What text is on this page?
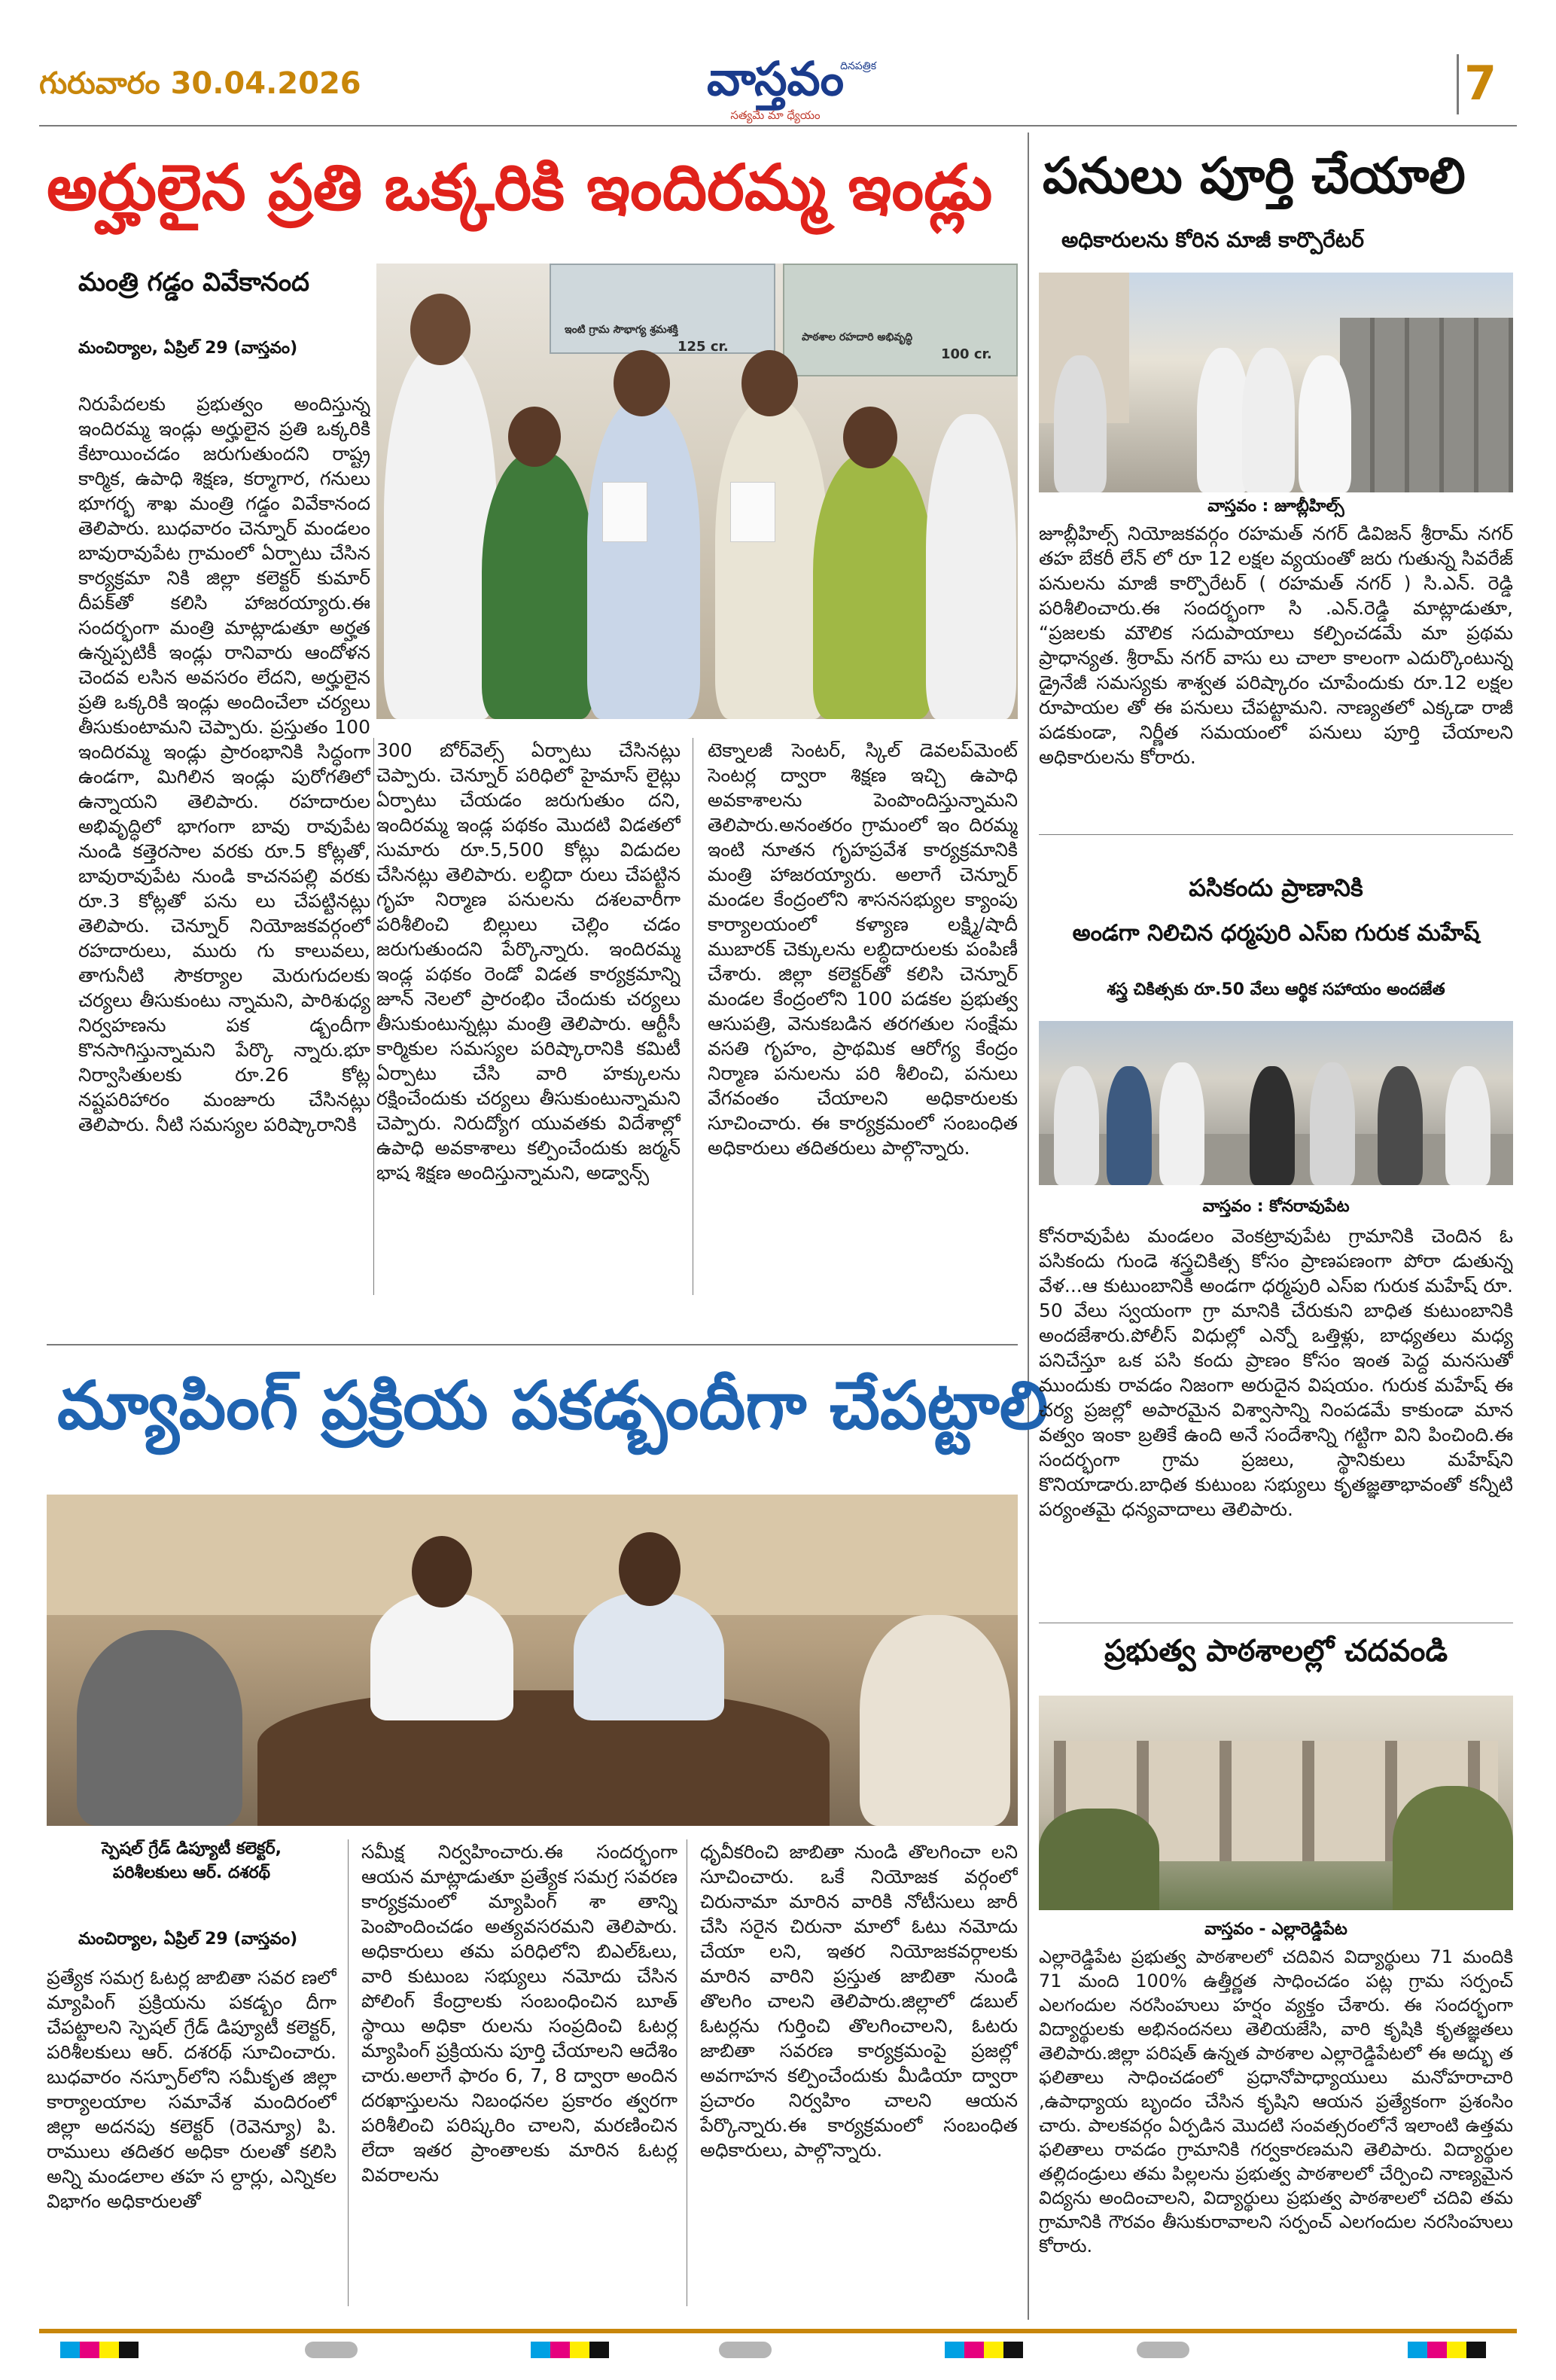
గురువారం 30.04.2026	వాస్తవం
సత్యమే మా ధ్యేయం
దినపత్రిక	7
అర్హులైన ప్రతి ఒక్కరికి ఇందిరమ్మ ఇండ్లు
మంత్రి గడ్డం వివేకానంద
మంచిర్యాల, ఏప్రిల్ 29 (వాస్తవం)
ఇంటి గ్రామ సౌభాగ్య శ్రమశక్తి
125 cr.
పాఠశాల రహదారి అభివృద్ధి
100 cr.
నిరుపేదలకు ప్రభుత్వం అందిస్తున్న ఇందిరమ్మ ఇండ్లు అర్హులైన ప్రతి ఒక్కరికి కేటాయించడం జరుగుతుందని రాష్ట్ర కార్మిక, ఉపాధి శిక్షణ, కర్మాగార, గనులు భూగర్భ శాఖ మంత్రి గడ్డం వివేకానంద తెలిపారు. బుధవారం చెన్నూర్ మండలం బావురావుపేట గ్రామంలో ఏర్పాటు చేసిన కార్యక్రమా నికి జిల్లా కలెక్టర్ కుమార్ దీపక్‌తో కలిసి హాజరయ్యారు.ఈ సందర్భంగా మంత్రి మాట్లాడుతూ అర్హత ఉన్నప్పటికీ ఇండ్లు రానివారు ఆందోళన చెందవ లసిన అవసరం లేదని, అర్హులైన ప్రతి ఒక్కరికి ఇండ్లు అందించేలా చర్యలు తీసుకుంటామని చెప్పారు. ప్రస్తుతం 100 ఇందిరమ్మ ఇండ్లు ప్రారంభానికి సిద్ధంగా ఉండగా, మిగిలిన ఇండ్లు పురోగతిలో ఉన్నాయని తెలిపారు. రహదారుల అభివృద్ధిలో భాగంగా బావు రావుపేట నుండి కత్తెరసాల వరకు రూ.5 కోట్లతో, బావురావుపేట నుండి కాచనపల్లి వరకు రూ.3 కోట్లతో పను లు చేపట్టినట్లు తెలిపారు. చెన్నూర్ నియోజకవర్గంలో రహదారులు, మురు గు కాలువలు, తాగునీటి సౌకర్యాల మెరుగుదలకు చర్యలు తీసుకుంటు న్నామని, పారిశుధ్య నిర్వహణను పక డ్బందీగా కొనసాగిస్తున్నామని పేర్కొ న్నారు.భూ నిర్వాసితులకు రూ.26 కోట్ల నష్టపరిహారం మంజూరు చేసినట్లు తెలిపారు. నీటి సమస్యల పరిష్కారానికి
300 బోర్‌వెల్స్ ఏర్పాటు చేసినట్లు చెప్పారు. చెన్నూర్ పరిధిలో హైమాస్ లైట్లు ఏర్పాటు చేయడం జరుగుతుం దని, ఇందిరమ్మ ఇండ్ల పథకం మొదటి విడతలో సుమారు రూ.5,500 కోట్లు విడుదల చేసినట్లు తెలిపారు. లబ్ధిదా రులు చేపట్టిన గృహ నిర్మాణ పనులను దశలవారీగా పరిశీలించి బిల్లులు చెల్లిం చడం జరుగుతుందని పేర్కొన్నారు. ఇందిరమ్మ ఇండ్ల పథకం రెండో విడత కార్యక్రమాన్ని జూన్ నెలలో ప్రారంభిం చేందుకు చర్యలు తీసుకుంటున్నట్లు మంత్రి తెలిపారు. ఆర్టీసీ కార్మికుల సమస్యల పరిష్కారానికి కమిటీ ఏర్పాటు చేసి వారి హక్కులను రక్షించేందుకు చర్యలు తీసుకుంటున్నామని చెప్పారు. నిరుద్యోగ యువతకు విదేశాల్లో ఉపాధి అవకాశాలు కల్పించేందుకు జర్మన్ భాష శిక్షణ అందిస్తున్నామని, అడ్వాన్స్
టెక్నాలజీ సెంటర్, స్కిల్ డెవలప్‌మెంట్ సెంటర్ల ద్వారా శిక్షణ ఇచ్చి ఉపాధి అవకాశాలను పెంపొందిస్తున్నామని తెలిపారు.అనంతరం గ్రామంలో ఇం దిరమ్మ ఇంటి నూతన గృహప్రవేశ కార్యక్రమానికి మంత్రి హాజరయ్యారు. అలాగే చెన్నూర్ మండల కేంద్రంలోని శాసనసభ్యుల క్యాంపు కార్యాలయంలో కళ్యాణ లక్ష్మి/షాదీ ముబారక్ చెక్కులను లబ్ధిదారులకు పంపిణీ చేశారు. జిల్లా కలెక్టర్‌తో కలిసి చెన్నూర్ మండల కేంద్రంలోని 100 పడకల ప్రభుత్వ ఆసుపత్రి, వెనుకబడిన తరగతుల సంక్షేమ వసతి గృహం, ప్రాథమిక ఆరోగ్య కేంద్రం నిర్మాణ పనులను పరి శీలించి, పనులు వేగవంతం చేయాలని అధికారులకు సూచించారు. ఈ కార్యక్రమంలో సంబంధిత అధికారులు తదితరులు పాల్గొన్నారు.
మ్యాపింగ్ ప్రక్రియ పకడ్బందీగా చేపట్టాలి
స్పెషల్ గ్రేడ్ డిప్యూటీ కలెక్టర్,
పరిశీలకులు ఆర్. దశరథ్
మంచిర్యాల, ఏప్రిల్ 29 (వాస్తవం)
ప్రత్యేక సమగ్ర ఓటర్ల జాబితా సవర ణలో మ్యాపింగ్ ప్రక్రియను పకడ్బం దీగా చేపట్టాలని స్పెషల్ గ్రేడ్ డిప్యూటీ కలెక్టర్, పరిశీలకులు ఆర్. దశరథ్ సూచించారు. బుధవారం నస్పూర్‌లోని సమీకృత జిల్లా కార్యాలయాల సమావేశ మందిరంలో జిల్లా అదనపు కలెక్టర్ (రెవెన్యూ) పి. రాములు తదితర అధికా రులతో కలిసి అన్ని మండలాల తహ స ల్దార్లు, ఎన్నికల విభాగం అధికారులతో
సమీక్ష నిర్వహించారు.ఈ సందర్భంగా ఆయన మాట్లాడుతూ ప్రత్యేక సమగ్ర సవరణ కార్యక్రమంలో మ్యాపింగ్ శా తాన్ని పెంపొందించడం అత్యవసరమని తెలిపారు. అధికారులు తమ పరిధిలోని బిఎల్ఓలు, వారి కుటుంబ సభ్యులు నమోదు చేసిన పోలింగ్ కేంద్రాలకు సంబంధించిన బూత్ స్థాయి అధికా రులను సంప్రదించి ఓటర్ల మ్యాపింగ్ ప్రక్రియను పూర్తి చేయాలని ఆదేశిం చారు.అలాగే ఫారం 6, 7, 8 ద్వారా అందిన దరఖాస్తులను నిబంధనల ప్రకారం త్వరగా పరిశీలించి పరిష్కరిం చాలని, మరణించిన లేదా ఇతర ప్రాంతాలకు మారిన ఓటర్ల వివరాలను
ధృవీకరించి జాబితా నుండి తొలగించా లని సూచించారు. ఒకే నియోజక వర్గంలో చిరునామా మారిన వారికి నోటీసులు జారీ చేసి సరైన చిరునా మాలో ఓటు నమోదు చేయా లని, ఇతర నియోజకవర్గాలకు మారిన వారిని ప్రస్తుత జాబితా నుండి తొలగిం చాలని తెలిపారు.జిల్లాలో డబుల్ ఓటర్లను గుర్తించి తొలగించాలని, ఓటరు జాబితా సవరణ కార్యక్రమంపై ప్రజల్లో అవగాహన కల్పించేందుకు మీడియా ద్వారా ప్రచారం నిర్వహిం చాలని ఆయన పేర్కొన్నారు.ఈ కార్యక్రమంలో సంబంధిత అధికారులు, పాల్గొన్నారు.
పనులు పూర్తి చేయాలి
అధికారులను కోరిన మాజీ కార్పొరేటర్
వాస్తవం : జూబ్లీహిల్స్
జూబ్లీహిల్స్ నియోజకవర్గం రహమత్ నగర్ డివిజన్ శ్రీరామ్ నగర్ తహ బేకరీ లేన్ లో రూ 12 లక్షల వ్యయంతో జరు గుతున్న సివరేజ్ పనులను మాజీ కార్పొరేటర్ ( రహమత్ నగర్ ) సి.ఎన్. రెడ్డి పరిశీలించారు.ఈ సందర్భంగా సి .ఎన్.రెడ్డి మాట్లాడుతూ, “ప్రజలకు మౌలిక సదుపాయాలు కల్పించడమే మా ప్రథమ ప్రాధాన్యత. శ్రీరామ్ నగర్ వాసు లు చాలా కాలంగా ఎదుర్కొంటున్న డ్రైనేజీ సమస్యకు శాశ్వత పరిష్కారం చూపేందుకు రూ.12 లక్షల రూపాయల తో ఈ పనులు చేపట్టామని. నాణ్యతలో ఎక్కడా రాజీ పడకుండా, నిర్ణీత సమయంలో పనులు పూర్తి చేయాలని అధికారులను కోరారు.
పసికందు ప్రాణానికి
అండగా నిలిచిన ధర్మపురి ఎస్ఐ గురుక మహేష్
శస్త్ర చికిత్సకు రూ.50 వేలు ఆర్థిక సహాయం అందజేత
వాస్తవం : కోనరావుపేట
కోనరావుపేట మండలం వెంకట్రావుపేట గ్రామానికి చెందిన ఓ పసికందు గుండె శస్త్రచికిత్స కోసం ప్రాణపణంగా పోరా డుతున్న వేళ...ఆ కుటుంబానికి అండగా ధర్మపురి ఎస్ఐ గురుక మహేష్ రూ. 50 వేలు స్వయంగా గ్రా మానికి చేరుకుని బాధిత కుటుంబానికి అందజేశారు.పోలీస్ విధుల్లో ఎన్నో ఒత్తిళ్లు, బాధ్యతలు మధ్య పనిచేస్తూ ఒక పసి కందు ప్రాణం కోసం ఇంత పెద్ద మనసుతో ముందుకు రావడం నిజంగా అరుదైన విషయం. గురుక మహేష్ ఈ చర్య ప్రజల్లో అపారమైన విశ్వాసాన్ని నింపడమే కాకుండా మాన వత్వం ఇంకా బ్రతికే ఉంది అనే సందేశాన్ని గట్టిగా విని పించింది.ఈ సందర్భంగా గ్రామ ప్రజలు, స్థానికులు మహేష్‌ని కొనియాడారు.బాధిత కుటుంబ సభ్యులు కృతజ్ఞతాభావంతో కన్నీటి పర్యంతమై ధన్యవాదాలు తెలిపారు.
ప్రభుత్వ పాఠశాలల్లో చదవండి
వాస్తవం - ఎల్లారెడ్డిపేట
ఎల్లారెడ్డిపేట ప్రభుత్వ పాఠశాలలో చదివిన విద్యార్థులు 71 మందికి 71 మంది 100% ఉత్తీర్ణత సాధించడం పట్ల గ్రామ సర్పంచ్ ఎలగందుల నరసింహులు హర్షం వ్యక్తం చేశారు. ఈ సందర్భంగా విద్యార్థులకు అభినందనలు తెలియజేసి, వారి కృషికి కృతజ్ఞతలు తెలిపారు.జిల్లా పరిషత్ ఉన్నత పాఠశాల ఎల్లారెడ్డిపేటలో ఈ అద్భు త ఫలితాలు సాధించడంలో ప్రధానోపాధ్యాయులు మనోహరాచారి ,ఉపాధ్యాయ బృందం చేసిన కృషిని ఆయన ప్రత్యేకంగా ప్రశంసిం చారు. పాలకవర్గం ఏర్పడిన మొదటి సంవత్సరంలోనే ఇలాంటి ఉత్తమ ఫలితాలు రావడం గ్రామానికి గర్వకారణమని తెలిపారు. విద్యార్థుల తల్లిదండ్రులు తమ పిల్లలను ప్రభుత్వ పాఠశాలలో చేర్పించి నాణ్యమైన విద్యను అందించాలని, విద్యార్థులు ప్రభుత్వ పాఠశాలలో చదివి తమ గ్రామానికి గౌరవం తీసుకురావాలని సర్పంచ్ ఎలగందుల నరసింహులు కోరారు.
